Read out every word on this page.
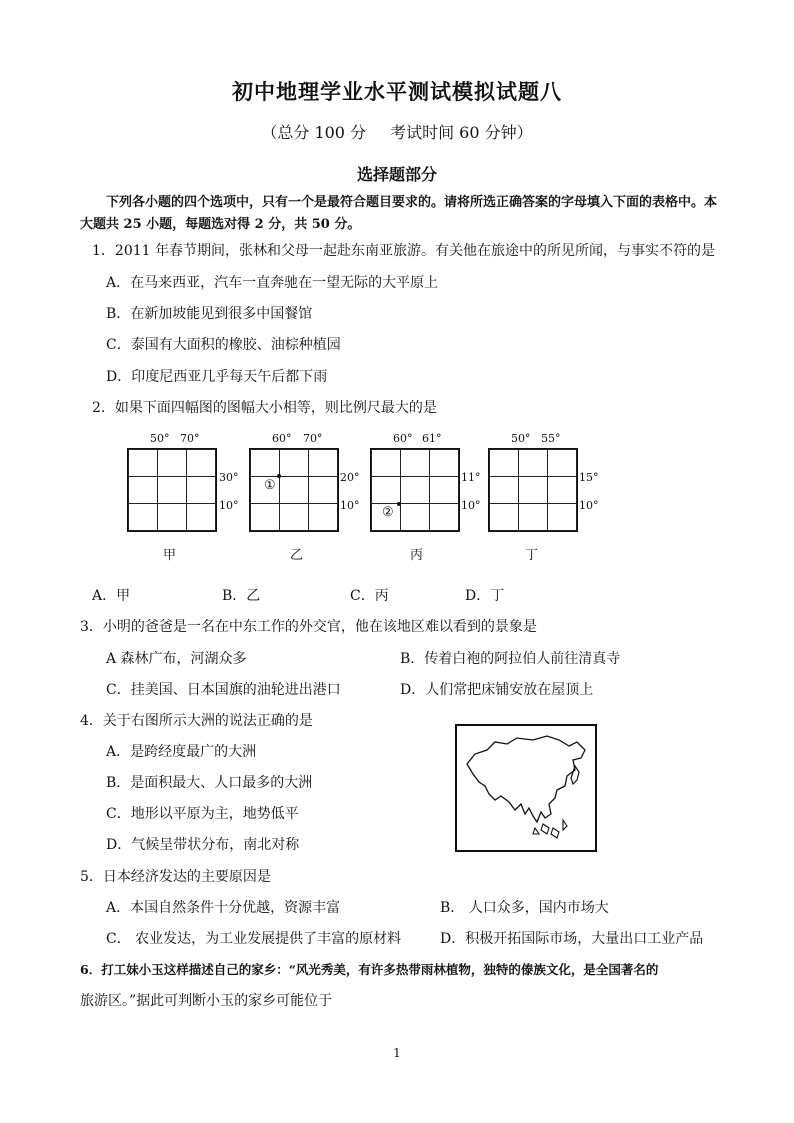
初中地理学业水平测试模拟试题八
（总分 100 分 考试时间 60 分钟）
选择题部分
下列各小题的四个选项中，只有一个是最符合题目要求的。请将所选正确答案的字母填入下面的表格中。本大题共 25 小题，每题选对得 2 分，共 50 分。
1．2011 年春节期间，张林和父母一起赴东南亚旅游。有关他在旅途中的所见所闻，与事实不符的是
A．在马来西亚，汽车一直奔驰在一望无际的大平原上
B．在新加坡能见到很多中国餐馆
C．泰国有大面积的橡胶、油棕种植园
D．印度尼西亚几乎每天午后都下雨
2．如果下面四幅图的图幅大小相等，则比例尺最大的是
50° 70°
30°
10°
甲
60° 70°
①
20°
10°
乙
60° 61°
②
11°
10°
丙
50° 55°
15°
10°
丁
A．甲	B．乙	C．丙	D．丁
3．小明的爸爸是一名在中东工作的外交官，他在该地区难以看到的景象是
A 森林广布，河湖众多	B．传着白袍的阿拉伯人前往清真寺
C．挂美国、日本国旗的油轮进出港口	D．人们常把床铺安放在屋顶上
4．关于右图所示大洲的说法正确的是
A．是跨经度最广的大洲
B．是面积最大、人口最多的大洲
C．地形以平原为主，地势低平
D．气候呈带状分布，南北对称
5．日本经济发达的主要原因是
A．本国自然条件十分优越，资源丰富	B． 人口众多，国内市场大
C． 农业发达，为工业发展提供了丰富的原材料	D．积极开拓国际市场，大量出口工业产品
6．打工妹小玉这样描述自己的家乡：“风光秀美，有许多热带雨林植物，独特的傣族文化，是全国著名的
旅游区。”据此可判断小玉的家乡可能位于
1
